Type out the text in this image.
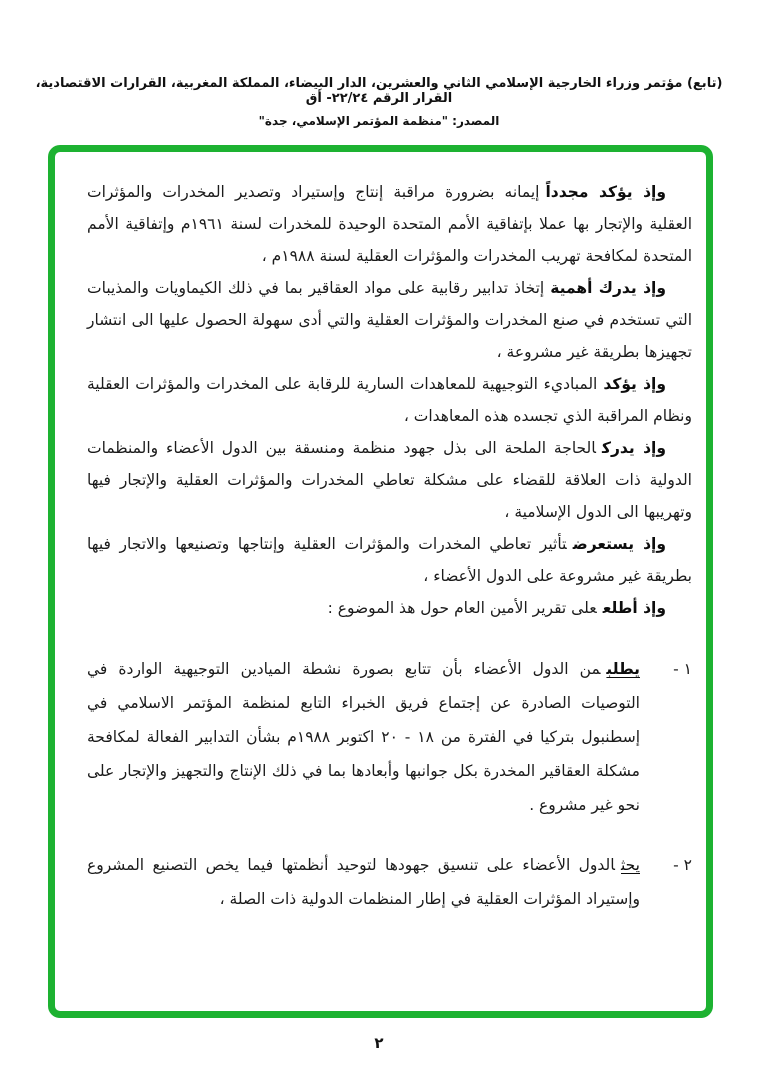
(تابع) مؤتمر وزراء الخارجية الإسلامي الثاني والعشرين، الدار البيضاء، المملكة المغربية، القرارات الاقتصادية، القرار الرقم ٢٢/٢٤- أق
المصدر: "منظمة المؤتمر الإسلامي، جدة"

وإذ يؤكد مجدداًإيمانه بضرورة مراقبة إنتاج وإستيراد وتصدير المخدرات والمؤثرات العقلية والإتجار بها عملا بإتفاقية الأمم المتحدة الوحيدة للمخدرات لسنة ١٩٦١م وإتفاقية الأمم المتحدة لمكافحة تهريب المخدرات والمؤثرات العقلية لسنة ١٩٨٨م ،

وإذ يدرك أهميةإتخاذ تدابير رقابية على مواد العقاقير بما في ذلك الكيماويات والمذيبات التي تستخدم في صنع المخدرات والمؤثرات العقلية والتي أدى سهولة الحصول عليها الى انتشار تجهيزها بطريقة غير مشروعة ،

وإذ يؤكدالمباديء التوجيهية للمعاهدات السارية للرقابة على المخدرات والمؤثرات العقلية ونظام المراقبة الذي تجسده هذه المعاهدات ،

وإذ يدركالحاجة الملحة الى بذل جهود منظمة ومنسقة بين الدول الأعضاء والمنظمات الدولية ذات العلاقة للقضاء على مشكلة تعاطي المخدرات والمؤثرات العقلية والإتجار فيها وتهريبها الى الدول الإسلامية ،

وإذ يستعرضتأثير تعاطي المخدرات والمؤثرات العقلية وإنتاجها وتصنيعها والاتجار فيها بطريقة غير مشروعة على الدول الأعضاء ،

وإذ أطلععلى تقرير الأمين العام حول هذ الموضوع :

١ -
يطلبمن الدول الأعضاء بأن تتابع بصورة نشطة الميادين التوجيهية الواردة في التوصيات الصادرة عن إجتماع فريق الخبراء التابع لمنظمة المؤتمر الاسلامي في إسطنبول بتركيا في الفترة من ١٨ - ٢٠ اكتوبر ١٩٨٨م بشأن التدابير الفعالة لمكافحة مشكلة العقاقير المخدرة بكل جوانبها وأبعادها بما في ذلك الإنتاج والتجهيز والإتجار على نحو غير مشروع .
٢ -
يحثالدول الأعضاء على تنسيق جهودها لتوحيد أنظمتها فيما يخص التصنيع المشروع وإستيراد المؤثرات العقلية في إطار المنظمات الدولية ذات الصلة ،
٢
